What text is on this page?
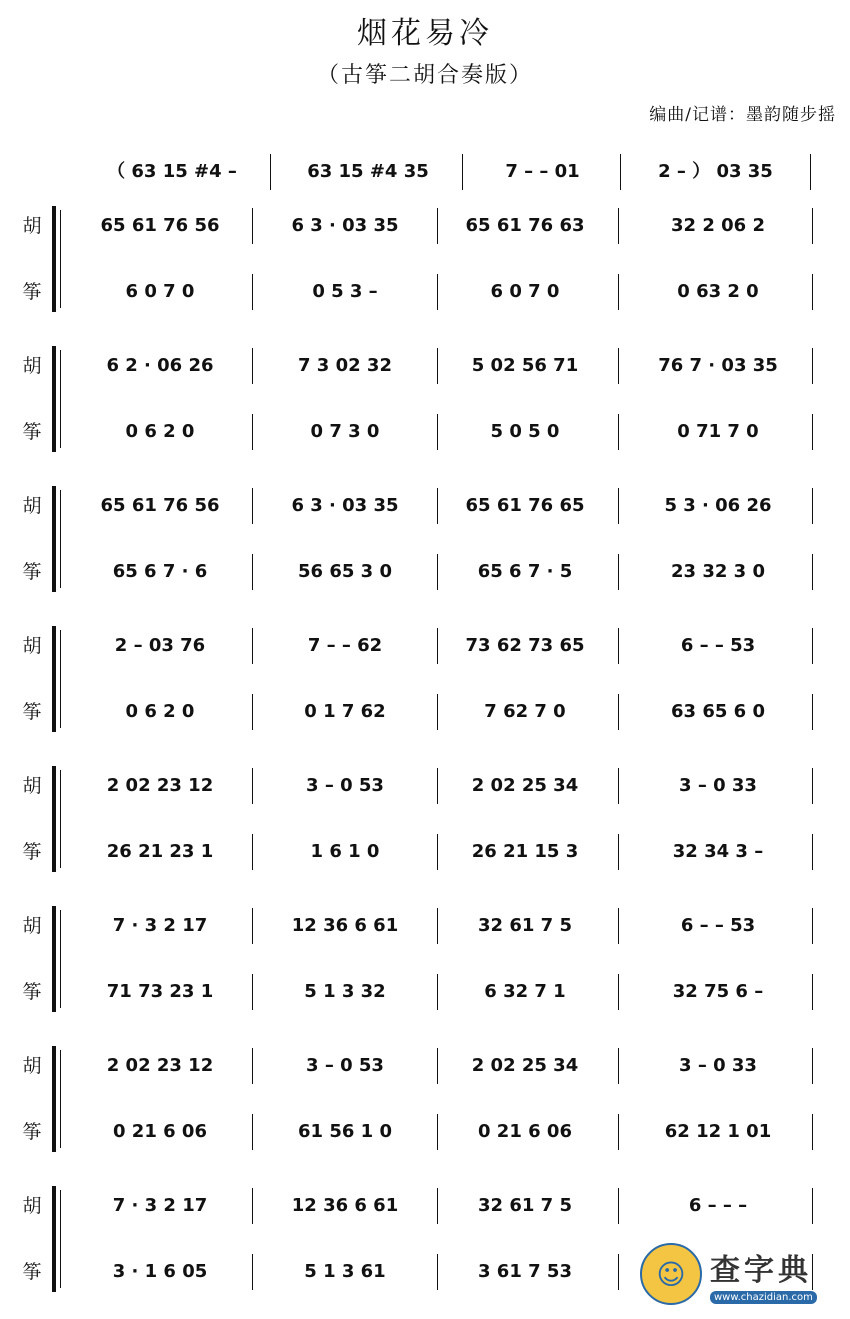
烟花易冷
（古筝二胡合奏版）
编曲/记谱：墨韵随步摇
（ 63 15 #4 –	63 15 #4 35	7 – – 01	2 – ） 03 35
胡	65 61 76 56	6 3 · 03 35	65 61 76 63	32 2 06 2
筝	6 0 7 0	0 5 3 –	6 0 7 0	0 63 2 0
胡	6 2 · 06 26	7 3 02 32	5 02 56 71	76 7 · 03 35
筝	0 6 2 0	0 7 3 0	5 0 5 0	0 71 7 0
胡	65 61 76 56	6 3 · 03 35	65 61 76 65	5 3 · 06 26
筝	65 6 7 · 6	56 65 3 0	65 6 7 · 5	23 32 3 0
胡	2 – 03 76	7 – – 62	73 62 73 65	6 – – 53
筝	0 6 2 0	0 1 7 62	7 62 7 0	63 65 6 0
胡	2 02 23 12	3 – 0 53	2 02 25 34	3 – 0 33
筝	26 21 23 1	1 6 1 0	26 21 15 3	32 34 3 –
胡	7 · 3 2 17	12 36 6 61	32 61 7 5	6 – – 53
筝	71 73 23 1	5 1 3 32	6 32 7 1	32 75 6 –
胡	2 02 23 12	3 – 0 53	2 02 25 34	3 – 0 33
筝	0 21 6 06	61 56 1 0	0 21 6 06	62 12 1 01
胡	7 · 3 2 17	12 36 6 61	32 61 7 5	6 – – –
筝	3 · 1 6 05	5 1 3 61	3 61 7 53	☺ 查字典
www.chazidian.com
